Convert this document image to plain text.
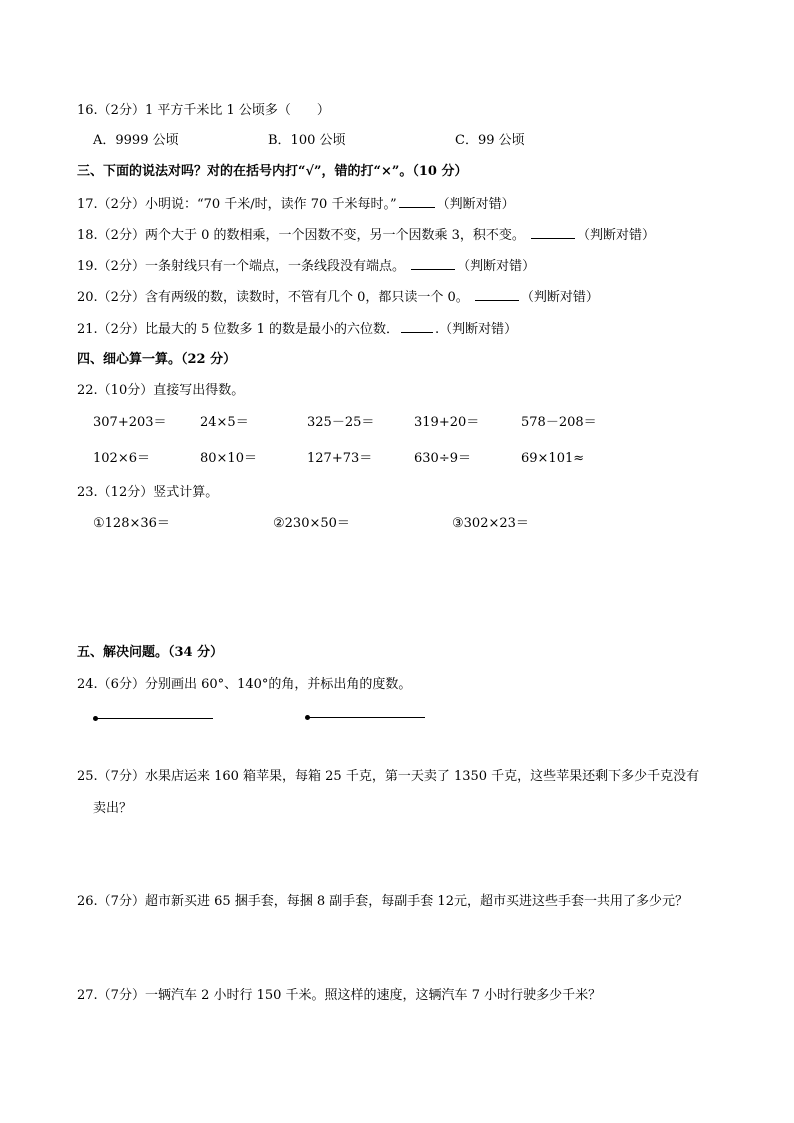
16.（2分）1 平方千米比 1 公顷多（　　）
A．9999 公顷	B．100 公顷	C．99 公顷
三、下面的说法对吗？对的在括号内打“√”，错的打“×”。（10 分）
17.（2分）小明说：“70 千米/时，读作 70 千米每时。”	（判断对错）
18.（2分）两个大于 0 的数相乘，一个因数不变，另一个因数乘 3，积不变。	（判断对错）
19.（2分）一条射线只有一个端点，一条线段没有端点。	（判断对错）
20.（2分）含有两级的数，读数时，不管有几个 0，都只读一个 0。	（判断对错）
21.（2分）比最大的 5 位数多 1 的数是最小的六位数．	.（判断对错）
四、细心算一算。（22 分）
22.（10分）直接写出得数。
307+203＝	24×5＝	325－25＝	319+20＝	578－208＝
102×6＝	80×10＝	127+73＝	630÷9＝	69×101≈
23.（12分）竖式计算。
①128×36＝	②230×50＝	③302×23＝
五、解决问题。（34 分）
24.（6分）分别画出 60°、140°的角，并标出角的度数。
25.（7分）水果店运来 160 箱苹果，每箱 25 千克，第一天卖了 1350 千克，这些苹果还剩下多少千克没有
卖出？
26.（7分）超市新买进 65 捆手套，每捆 8 副手套，每副手套 12元，超市买进这些手套一共用了多少元？
27.（7分）一辆汽车 2 小时行 150 千米。照这样的速度，这辆汽车 7 小时行驶多少千米？
